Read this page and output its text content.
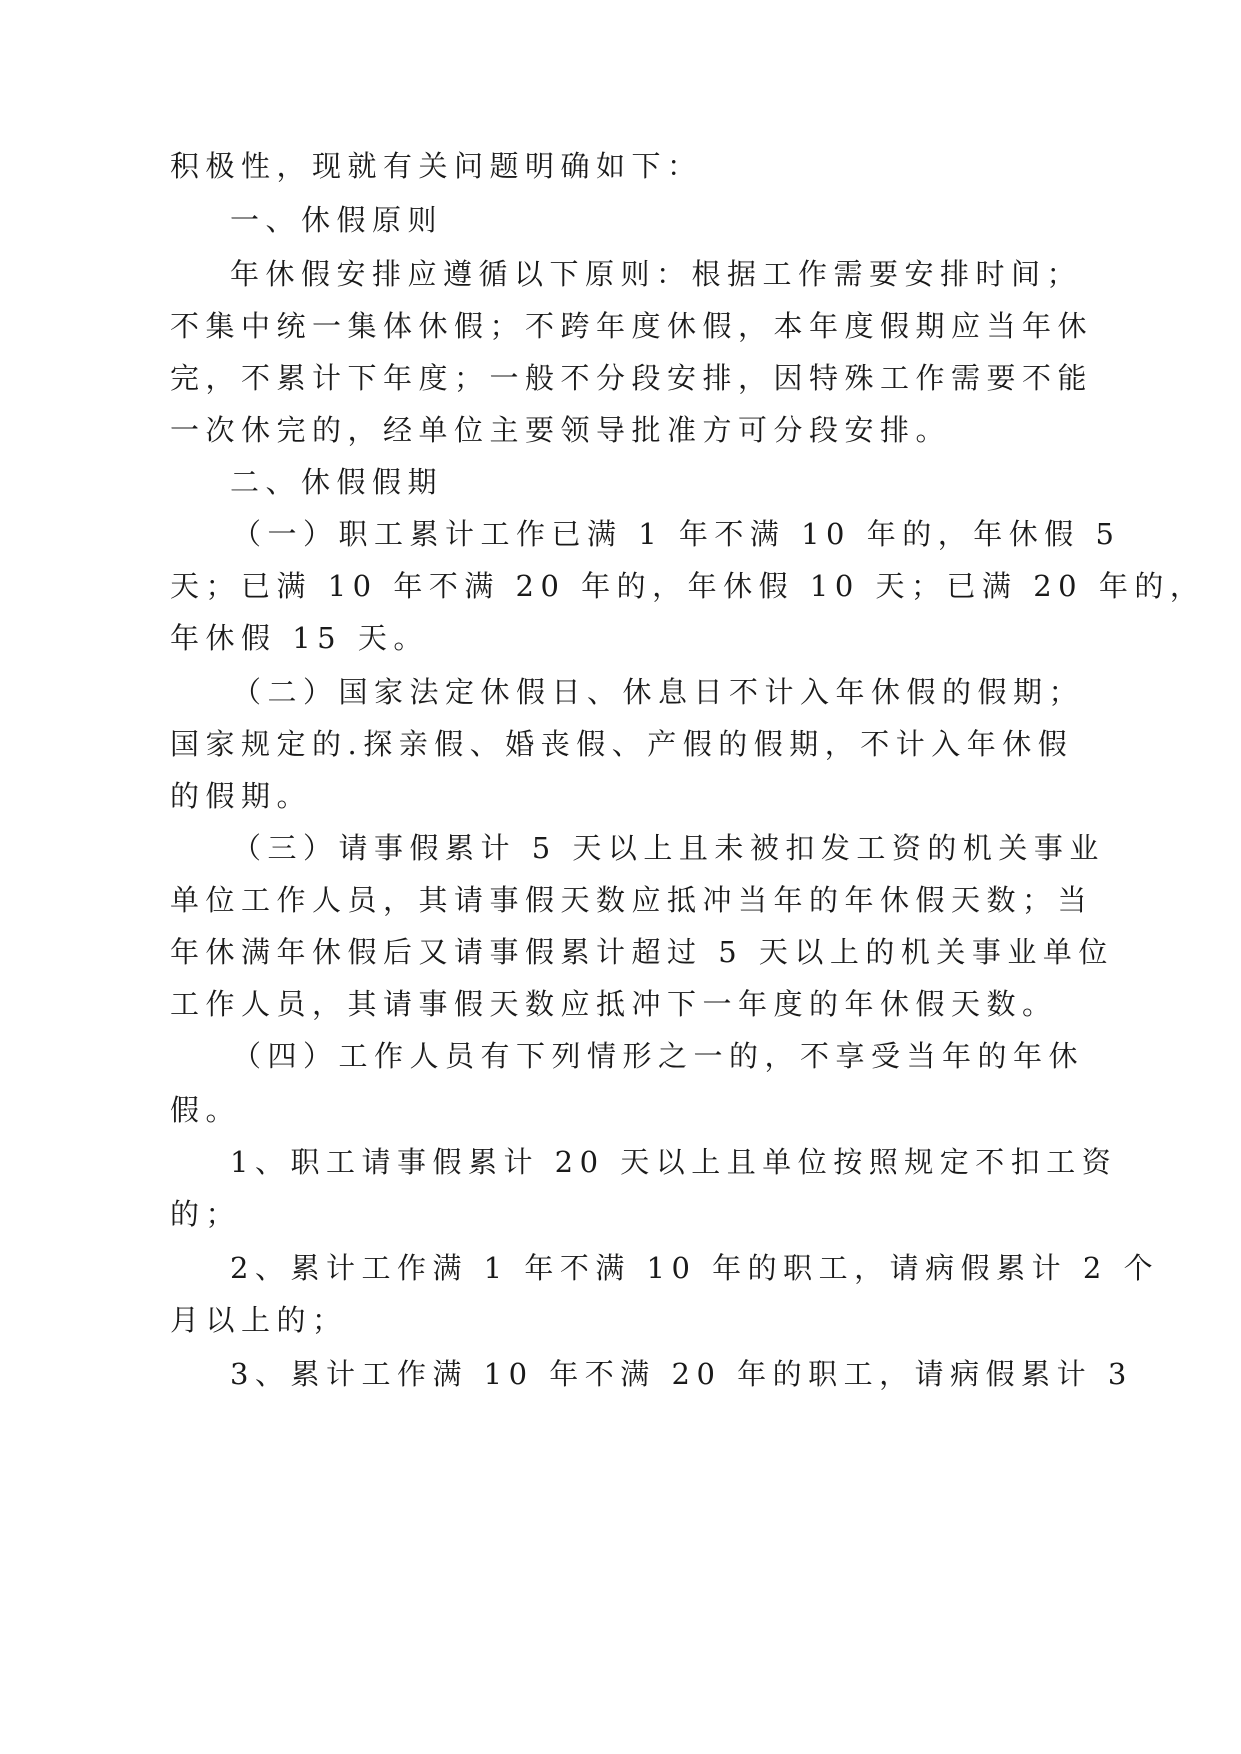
积极性，现就有关问题明确如下：
一、休假原则
年休假安排应遵循以下原则：根据工作需要安排时间；
不集中统一集体休假；不跨年度休假，本年度假期应当年休
完，不累计下年度；一般不分段安排，因特殊工作需要不能
一次休完的，经单位主要领导批准方可分段安排。
二、休假假期
（一）职工累计工作已满 1 年不满 10 年的，年休假 5
天；已满 10 年不满 20 年的，年休假 10 天；已满 20 年的，
年休假 15 天。
（二）国家法定休假日、休息日不计入年休假的假期；
国家规定的.探亲假、婚丧假、产假的假期，不计入年休假
的假期。
（三）请事假累计 5 天以上且未被扣发工资的机关事业
单位工作人员，其请事假天数应抵冲当年的年休假天数；当
年休满年休假后又请事假累计超过 5 天以上的机关事业单位
工作人员，其请事假天数应抵冲下一年度的年休假天数。
（四）工作人员有下列情形之一的，不享受当年的年休
假。
1、职工请事假累计 20 天以上且单位按照规定不扣工资
的；
2、累计工作满 1 年不满 10 年的职工，请病假累计 2 个
月以上的；
3、累计工作满 10 年不满 20 年的职工，请病假累计 3
